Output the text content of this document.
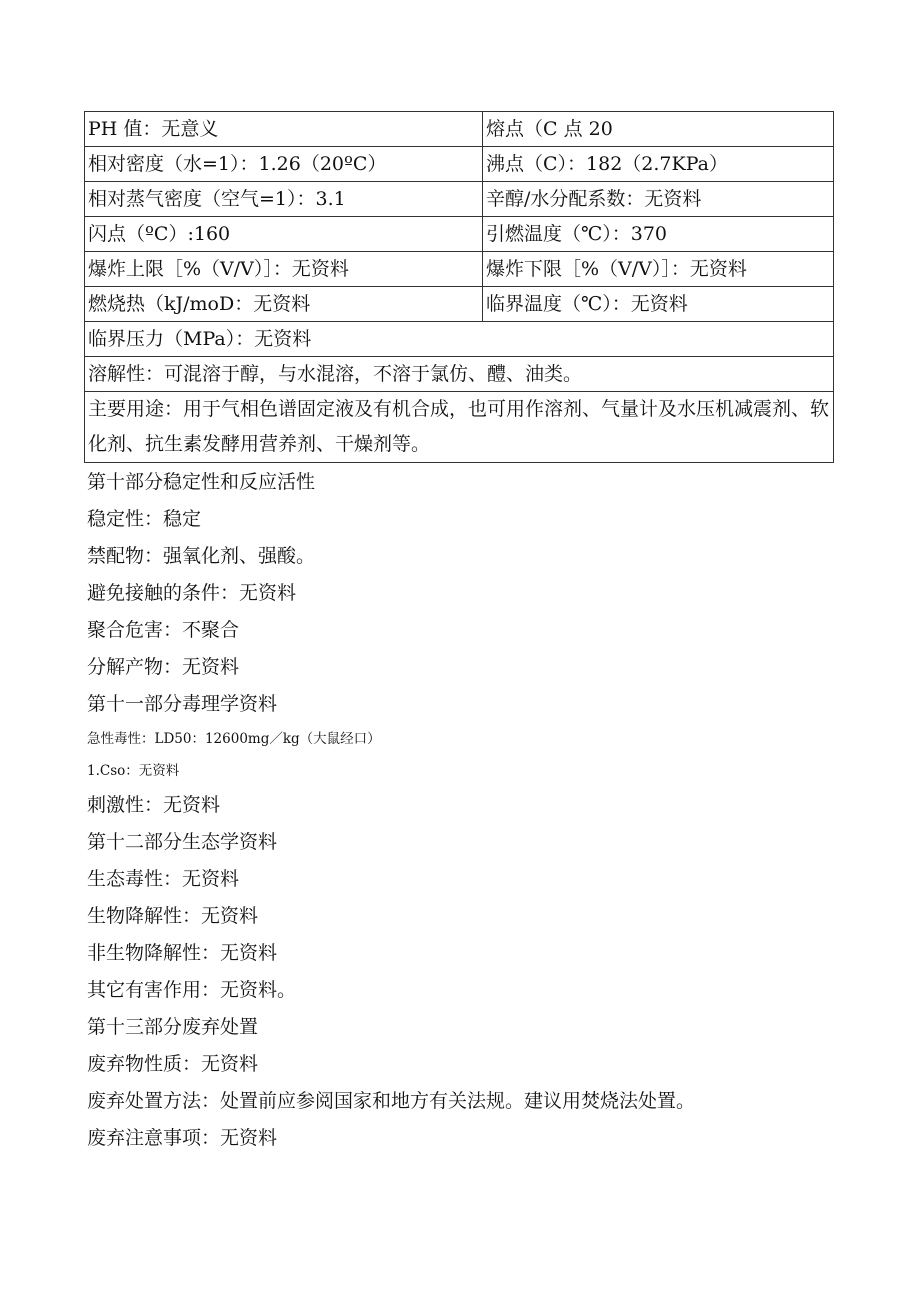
PH 值：无意义	熔点（C 点 20
相对密度（水=1）：1.26（20ºC）	沸点（C）：182（2.7KPa）
相对蒸气密度（空气=1）：3.1	辛醇/水分配系数：无资料
闪点（ºC）:160	引燃温度（℃）：370
爆炸上限［%（V/V）］：无资料	爆炸下限［%（V/V）］：无资料
燃烧热（kJ/moD：无资料	临界温度（℃）：无资料
临界压力（MPa）：无资料	
溶解性：可混溶于醇，与水混溶，不溶于氯仿、醴、油类。	
主要用途：用于气相色谱固定液及有机合成，也可用作溶剂、气量计及水压机减震剂、软化剂、抗生素发酵用营养剂、干燥剂等。	
第十部分稳定性和反应活性
稳定性：稳定
禁配物：强氧化剂、强酸。
避免接触的条件：无资料
聚合危害：不聚合
分解产物：无资料
第十一部分毒理学资料
急性毒性：LD50：12600mg／kg（大鼠经口）
1.Cso：无资料
刺激性：无资料
第十二部分生态学资料
生态毒性：无资料
生物降解性：无资料
非生物降解性：无资料
其它有害作用：无资料。
第十三部分废弃处置
废弃物性质：无资料
废弃处置方法：处置前应参阅国家和地方有关法规。建议用焚烧法处置。
废弃注意事项：无资料
